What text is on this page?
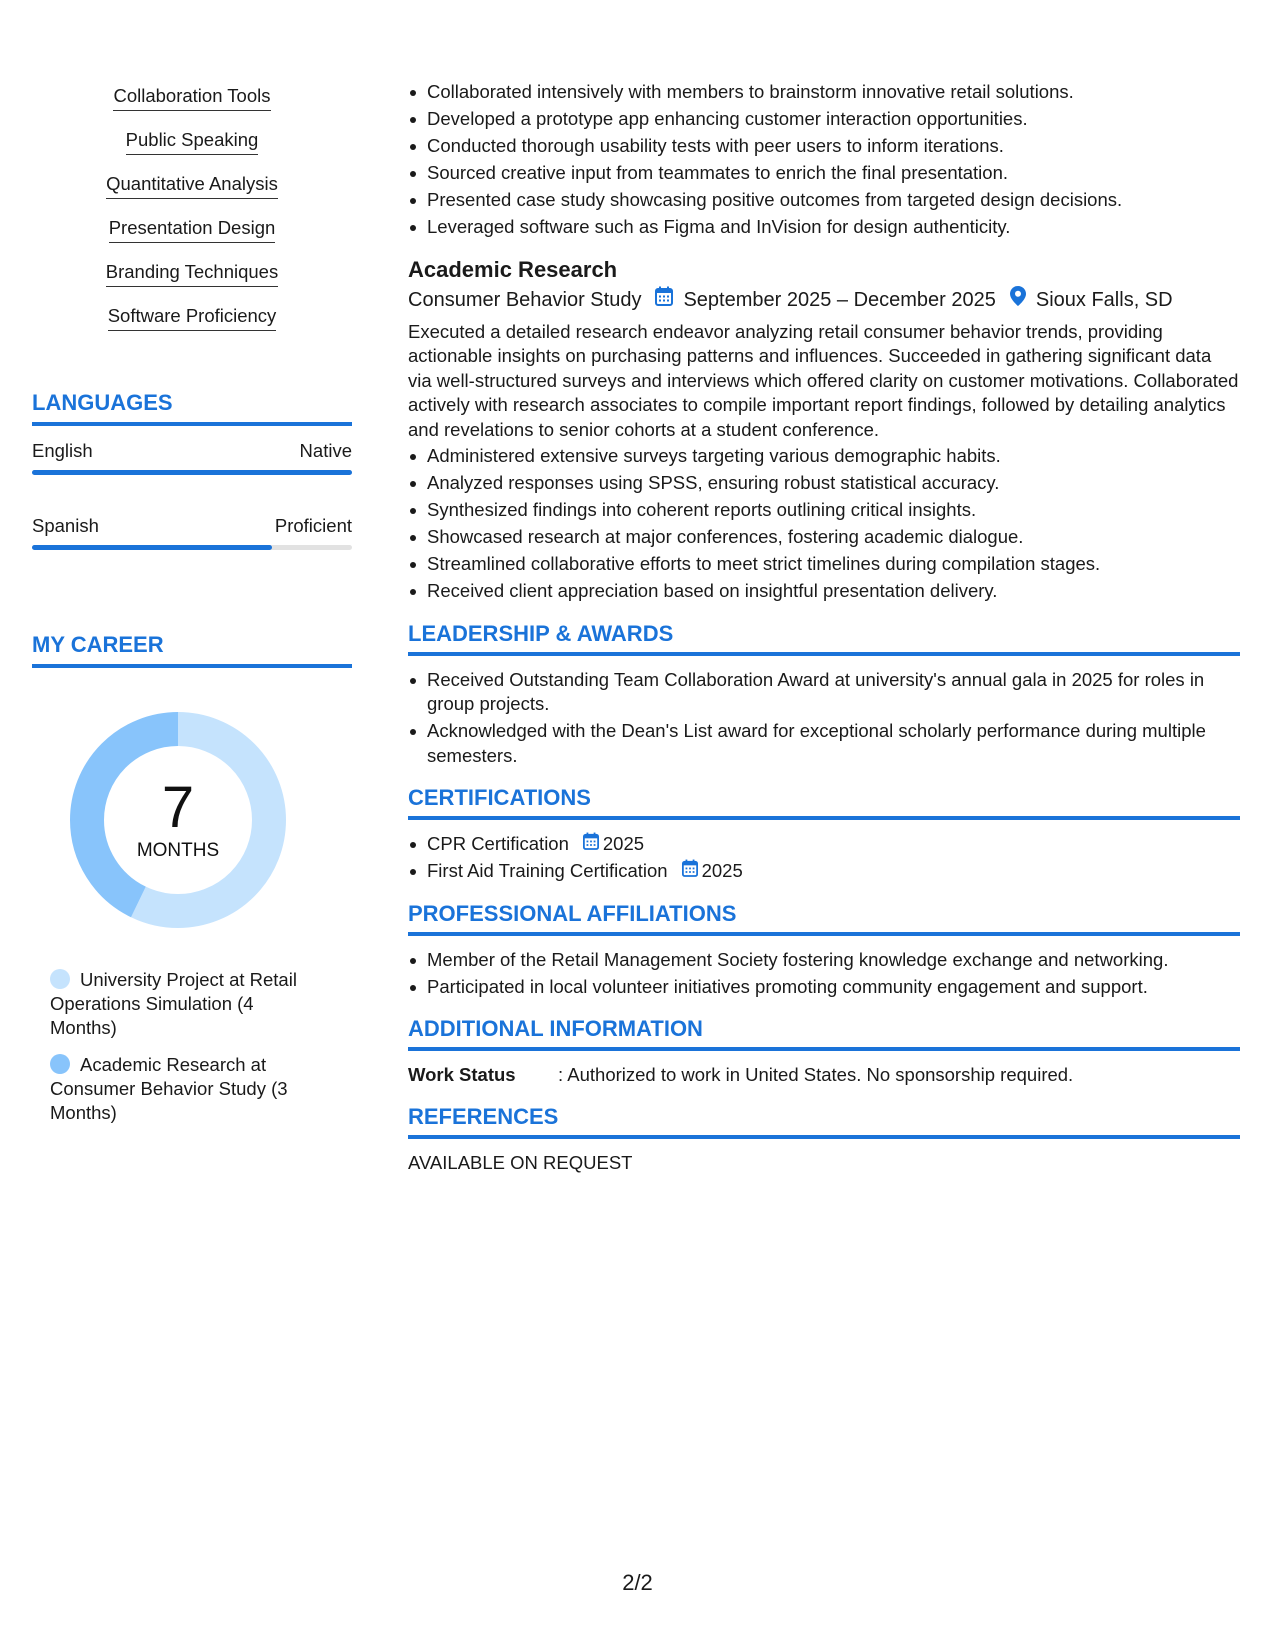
Collaboration Tools
Public Speaking
Quantitative Analysis
Presentation Design
Branding Techniques
Software Proficiency
LANGUAGES
English	Native
Spanish	Proficient
MY CAREER
7
MONTHS
University Project at Retail Operations Simulation (4 Months)
Academic Research at Consumer Behavior Study (3 Months)
Collaborated intensively with members to brainstorm innovative retail solutions.
Developed a prototype app enhancing customer interaction opportunities.
Conducted thorough usability tests with peer users to inform iterations.
Sourced creative input from teammates to enrich the final presentation.
Presented case study showcasing positive outcomes from targeted design decisions.
Leveraged software such as Figma and InVision for design authenticity.
Academic Research
Consumer Behavior Study September 2025 – December 2025 Sioux Falls, SD

Executed a detailed research endeavor analyzing retail consumer behavior trends, providing actionable insights on purchasing patterns and influences. Succeeded in gathering significant data via well-structured surveys and interviews which offered clarity on customer motivations. Collaborated actively with research associates to compile important report findings, followed by detailing analytics and revelations to senior cohorts at a student conference.

Administered extensive surveys targeting various demographic habits.
Analyzed responses using SPSS, ensuring robust statistical accuracy.
Synthesized findings into coherent reports outlining critical insights.
Showcased research at major conferences, fostering academic dialogue.
Streamlined collaborative efforts to meet strict timelines during compilation stages.
Received client appreciation based on insightful presentation delivery.
LEADERSHIP & AWARDS
Received Outstanding Team Collaboration Award at university's annual gala in 2025 for roles in group projects.
Acknowledged with the Dean's List award for exceptional scholarly performance during multiple semesters.
CERTIFICATIONS
CPR Certification 2025
First Aid Training Certification 2025
PROFESSIONAL AFFILIATIONS
Member of the Retail Management Society fostering knowledge exchange and networking.
Participated in local volunteer initiatives promoting community engagement and support.
ADDITIONAL INFORMATION
Work Status	: Authorized to work in United States. No sponsorship required.
REFERENCES
AVAILABLE ON REQUEST
2/2
